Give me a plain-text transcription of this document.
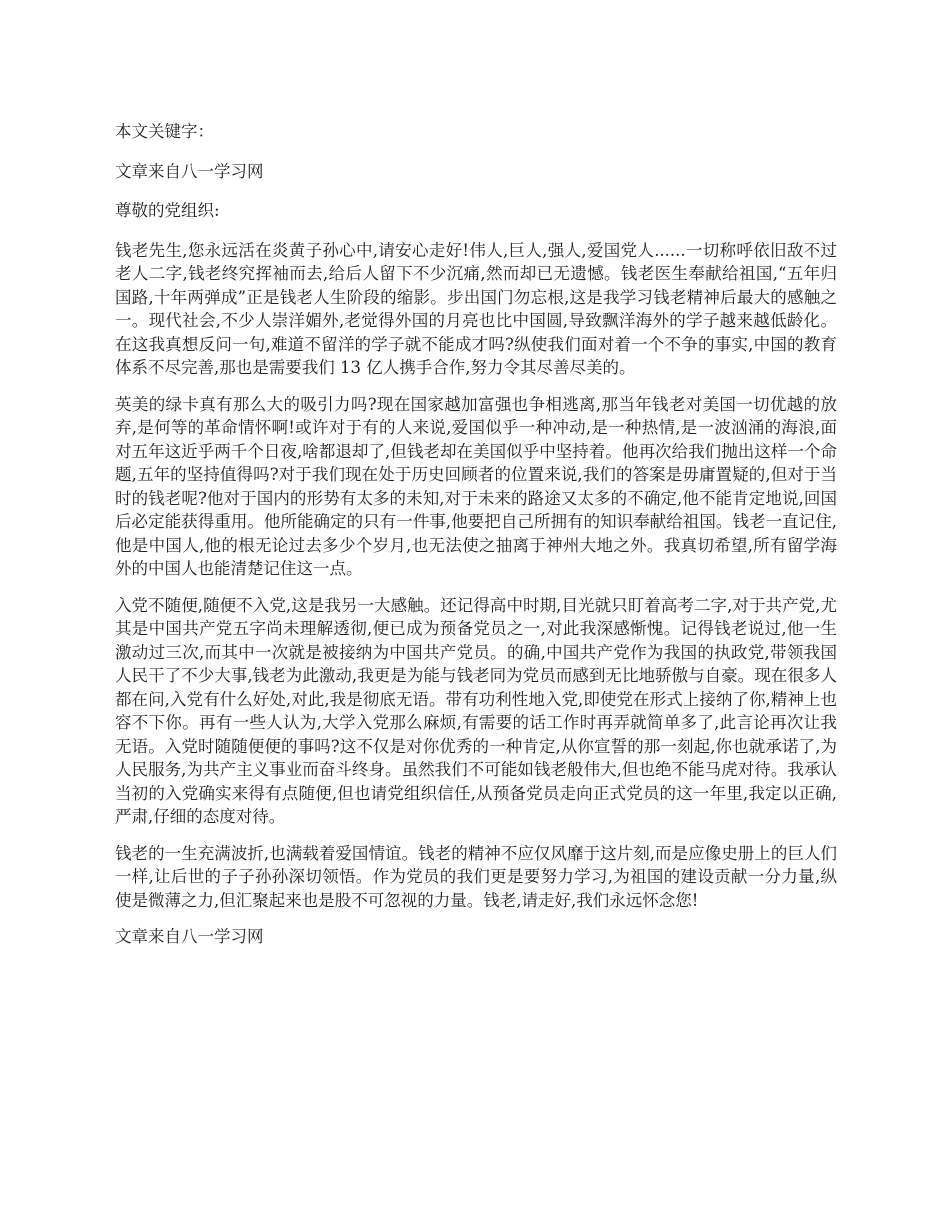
本文关键字：

文章来自八一学习网

尊敬的党组织:

钱老先生,您永远活在炎黄子孙心中,请安心走好!伟人,巨人,强人,爱国党人......一切称呼依旧敌不过老人二字,钱老终究挥袖而去,给后人留下不少沉痛,然而却已无遗憾。钱老医生奉献给祖国,“五年归国路,十年两弹成”正是钱老人生阶段的缩影。步出国门勿忘根,这是我学习钱老精神后最大的感触之一。现代社会,不少人崇洋媚外,老觉得外国的月亮也比中国圆,导致飘洋海外的学子越来越低龄化。在这我真想反问一句,难道不留洋的学子就不能成才吗?纵使我们面对着一个不争的事实,中国的教育体系不尽完善,那也是需要我们 13 亿人携手合作,努力令其尽善尽美的。

英美的绿卡真有那么大的吸引力吗?现在国家越加富强也争相逃离,那当年钱老对美国一切优越的放弃,是何等的革命情怀啊!或许对于有的人来说,爱国似乎一种冲动,是一种热情,是一波汹涌的海浪,面对五年这近乎两千个日夜,啥都退却了,但钱老却在美国似乎中坚持着。他再次给我们抛出这样一个命题,五年的坚持值得吗?对于我们现在处于历史回顾者的位置来说,我们的答案是毋庸置疑的,但对于当时的钱老呢?他对于国内的形势有太多的未知,对于未来的路途又太多的不确定,他不能肯定地说,回国后必定能获得重用。他所能确定的只有一件事,他要把自己所拥有的知识奉献给祖国。钱老一直记住,他是中国人,他的根无论过去多少个岁月,也无法使之抽离于神州大地之外。我真切希望,所有留学海外的中国人也能清楚记住这一点。

入党不随便,随便不入党,这是我另一大感触。还记得高中时期,目光就只盯着高考二字,对于共产党,尤其是中国共产党五字尚未理解透彻,便已成为预备党员之一,对此我深感惭愧。记得钱老说过,他一生激动过三次,而其中一次就是被接纳为中国共产党员。的确,中国共产党作为我国的执政党,带领我国人民干了不少大事,钱老为此激动,我更是为能与钱老同为党员而感到无比地骄傲与自豪。现在很多人都在问,入党有什么好处,对此,我是彻底无语。带有功利性地入党,即使党在形式上接纳了你,精神上也容不下你。再有一些人认为,大学入党那么麻烦,有需要的话工作时再弄就简单多了,此言论再次让我无语。入党时随随便便的事吗?这不仅是对你优秀的一种肯定,从你宣誓的那一刻起,你也就承诺了,为人民服务,为共产主义事业而奋斗终身。虽然我们不可能如钱老般伟大,但也绝不能马虎对待。我承认当初的入党确实来得有点随便,但也请党组织信任,从预备党员走向正式党员的这一年里,我定以正确,严肃,仔细的态度对待。

钱老的一生充满波折,也满载着爱国情谊。钱老的精神不应仅风靡于这片刻,而是应像史册上的巨人们一样,让后世的子子孙孙深切领悟。作为党员的我们更是要努力学习,为祖国的建设贡献一分力量,纵使是微薄之力,但汇聚起来也是股不可忽视的力量。钱老,请走好,我们永远怀念您!

文章来自八一学习网
